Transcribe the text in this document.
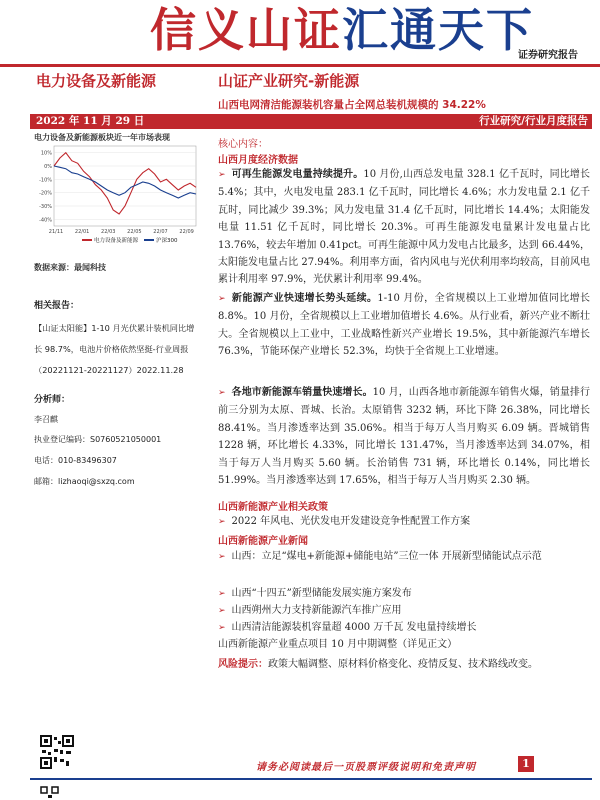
信义山证汇通天下
证券研究报告
电力设备及新能源	山证产业研究-新能源
山西电网清洁能源装机容量占全网总装机规模的 34.22%
2022 年 11 月 29 日	行业研究/行业月度报告
电力设备及新能源板块近一年市场表现
10%
0%
-10%
-20%
-30%
-40%
21/11 22/01 22/03 22/05 22/07 22/09
电力设备及新能源	沪深300
数据来源：最闻科技
相关报告：
【山证太阳能】1-10 月光伏累计装机同比增长 98.7%，电池片价格依然坚挺-行业周报（20221121-20221127）2022.11.28
分析师：
李召麒
执业登记编码：S0760521050001
电话：010-83496307
邮箱：lizhaoqi@sxzq.com
核心内容：
山西月度经济数据
➢ 可再生能源发电量持续提升。10 月份,山西总发电量 328.1 亿千瓦时，同比增长 5.4%；其中，火电发电量 283.1 亿千瓦时，同比增长 4.6%；水力发电量 2.1 亿千瓦时，同比减少 39.3%；风力发电量 31.4 亿千瓦时，同比增长 14.4%；太阳能发电量 11.51 亿千瓦时，同比增长 20.3%。可再生能源发电量累计发电量占比 13.76%，较去年增加 0.41pct。可再生能源中风力发电占比最多，达到 66.44%，太阳能发电量占比 27.94%。利用率方面，省内风电与光伏利用率均较高，目前风电累计利用率 97.9%，光伏累计利用率 99.4%。
➢ 新能源产业快速增长势头延续。1-10 月份，全省规模以上工业增加值同比增长 8.8%。10 月份，全省规模以上工业增加值增长 4.6%。从行业看，新兴产业不断壮大。全省规模以上工业中，工业战略性新兴产业增长 19.5%，其中新能源汽车增长 76.3%，节能环保产业增长 52.3%，均快于全省规上工业增速。
➢ 各地市新能源车销量快速增长。10 月，山西各地市新能源车销售火爆，销量排行前三分别为太原、晋城、长治。太原销售 3232 辆，环比下降 26.38%，同比增长 88.41%。当月渗透率达到 35.06%。相当于每万人当月购买 6.09 辆。晋城销售 1228 辆，环比增长 4.33%，同比增长 131.47%，当月渗透率达到 34.07%，相当于每万人当月购买 5.60 辆。长治销售 731 辆，环比增长 0.14%，同比增长 51.99%。当月渗透率达到 17.65%，相当于每万人当月购买 2.30 辆。
山西新能源产业相关政策
➢ 2022 年风电、光伏发电开发建设竞争性配置工作方案
山西新能源产业新闻
➢ 山西：立足“煤电+新能源+储能电站”三位一体 开展新型储能试点示范
➢ 山西“十四五”新型储能发展实施方案发布
➢ 山西朔州大力支持新能源汽车推广应用
➢ 山西清洁能源装机容量超 4000 万千瓦 发电量持续增长
山西新能源产业重点项目 10 月中期调整（详见正文）
风险提示：政策大幅调整、原材料价格变化、疫情反复、技术路线改变。
请务必阅读最后一页股票评级说明和免责声明	1
